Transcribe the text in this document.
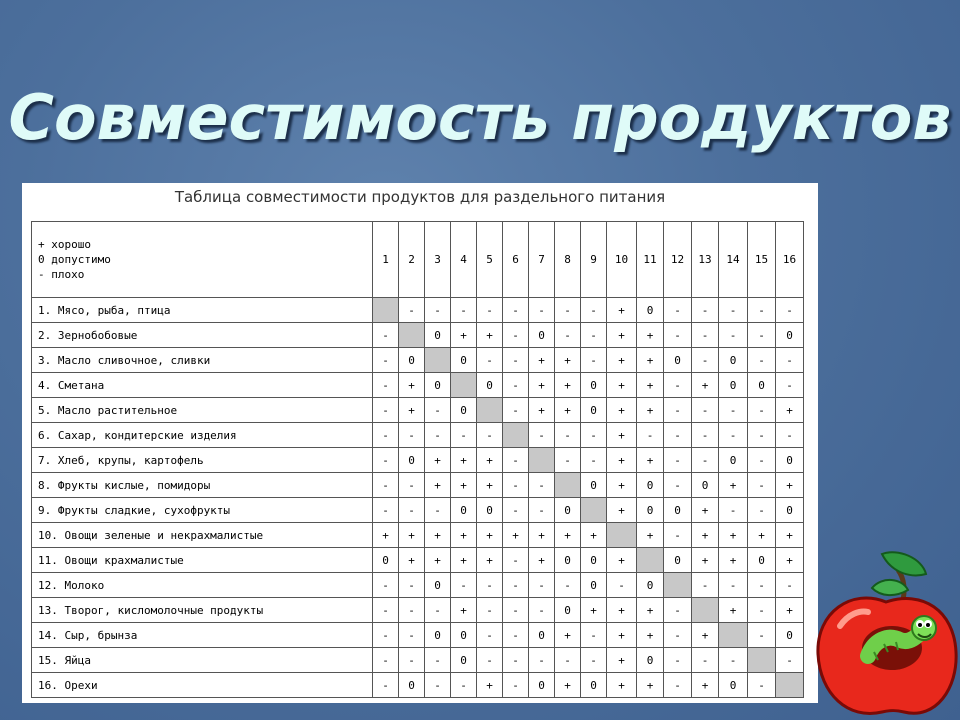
Совместимость продуктов
Таблица совместимости продуктов для раздельного питания
+ хорошо
0 допустимо
- плохо	1	2	3	4	5	6	7	8	9	10	11	12	13	14	15	16
1. Мясо, рыба, птица		-	-	-	-	-	-	-	-	+	0	-	-	-	-	-
2. Зернобобовые	-		0	+	+	-	0	-	-	+	+	-	-	-	-	0
3. Масло сливочное, сливки	-	0		0	-	-	+	+	-	+	+	0	-	0	-	-
4. Сметана	-	+	0		0	-	+	+	0	+	+	-	+	0	0	-
5. Масло растительное	-	+	-	0		-	+	+	0	+	+	-	-	-	-	+
6. Сахар, кондитерские изделия	-	-	-	-	-		-	-	-	+	-	-	-	-	-	-
7. Хлеб, крупы, картофель	-	0	+	+	+	-		-	-	+	+	-	-	0	-	0
8. Фрукты кислые, помидоры	-	-	+	+	+	-	-		0	+	0	-	0	+	-	+
9. Фрукты сладкие, сухофрукты	-	-	-	0	0	-	-	0		+	0	0	+	-	-	0
10. Овощи зеленые и некрахмалистые	+	+	+	+	+	+	+	+	+		+	-	+	+	+	+
11. Овощи крахмалистые	0	+	+	+	+	-	+	0	0	+		0	+	+	0	+
12. Молоко	-	-	0	-	-	-	-	-	0	-	0		-	-	-	-
13. Творог, кисломолочные продукты	-	-	-	+	-	-	-	0	+	+	+	-		+	-	+
14. Сыр, брынза	-	-	0	0	-	-	0	+	-	+	+	-	+		-	0
15. Яйца	-	-	-	0	-	-	-	-	-	+	0	-	-	-		-
16. Орехи	-	0	-	-	+	-	0	+	0	+	+	-	+	0	-	
